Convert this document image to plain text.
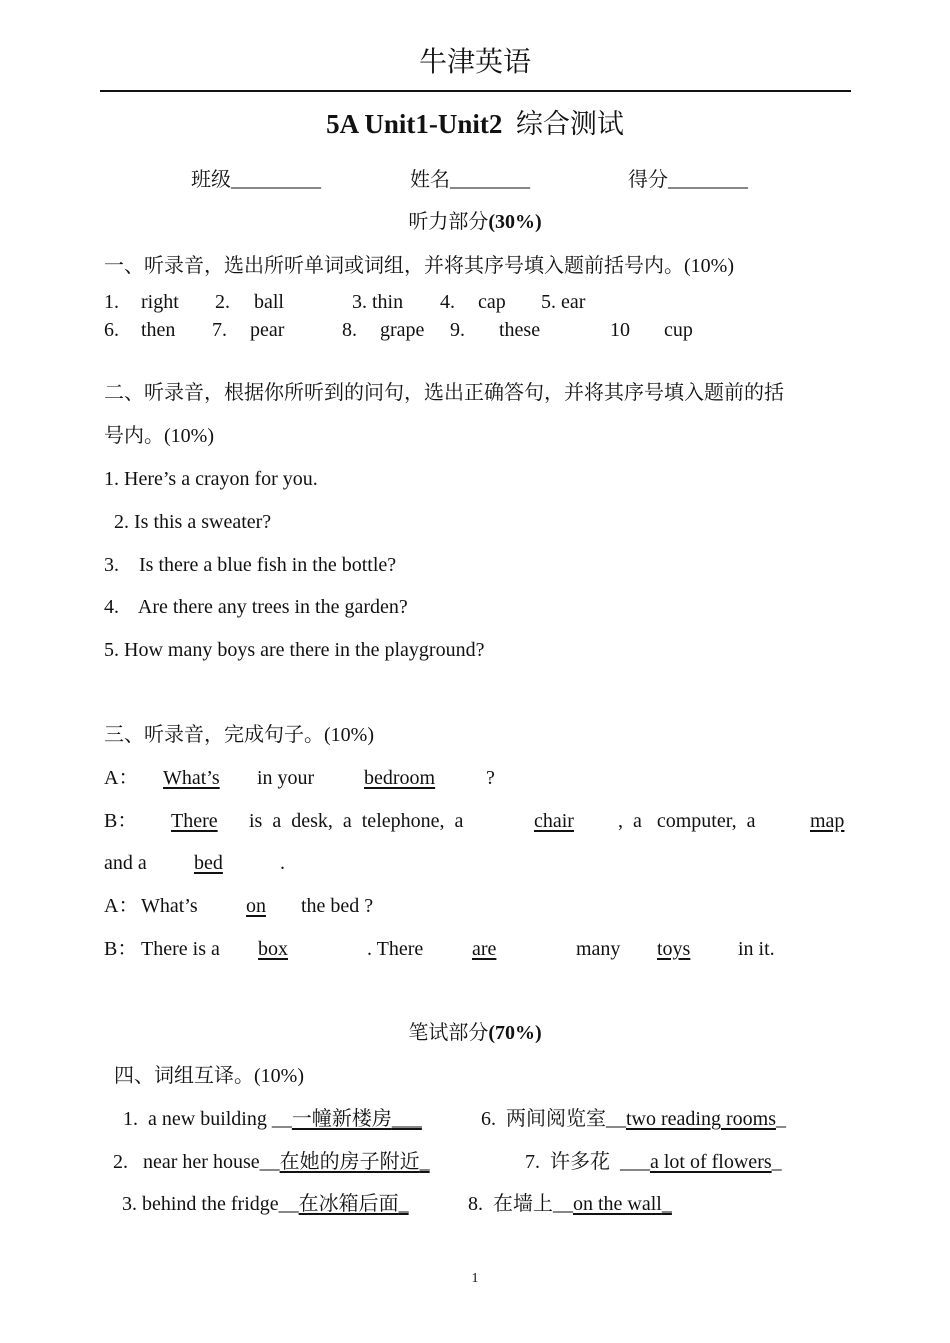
牛津英语
5A Unit1-Unit2 综合测试
班级_________	姓名________	得分________
听力部分(30%)
一、听录音，选出所听单词或词组，并将其序号填入题前括号内。(10%)
1. right 2. ball	3. thin 4. cap 5. ear
6. then 7. pear	8. grape 9. these	10 cup
二、听录音，根据你所听到的问句，选出正确答句，并将其序号填入题前的括
号内。(10%)
1. Here’s a crayon for you.
2. Is this a sweater?
3.    Is there a blue fish in the bottle?
4.    Are there any trees in the garden?
5. How many boys are there in the playground?
三、听录音，完成句子。(10%)
A：	What’s	in your	bedroom	?
B：	There	is  a  desk,  a  telephone,  a	chair	,  a   computer,  a	map
and a	bed	.
A： What’s	on	the bed ?
B： There is a	box	. There	are	many	toys	in it.
笔试部分(70%)
四、词组互译。(10%)
1.  a new building __一幢新楼房___	6.  两间阅览室__two reading rooms_
2.   near her house__在她的房子附近_	7.  许多花  ___a lot of flowers_
3. behind the fridge__在冰箱后面_	8.  在墙上__on the wall_
1
